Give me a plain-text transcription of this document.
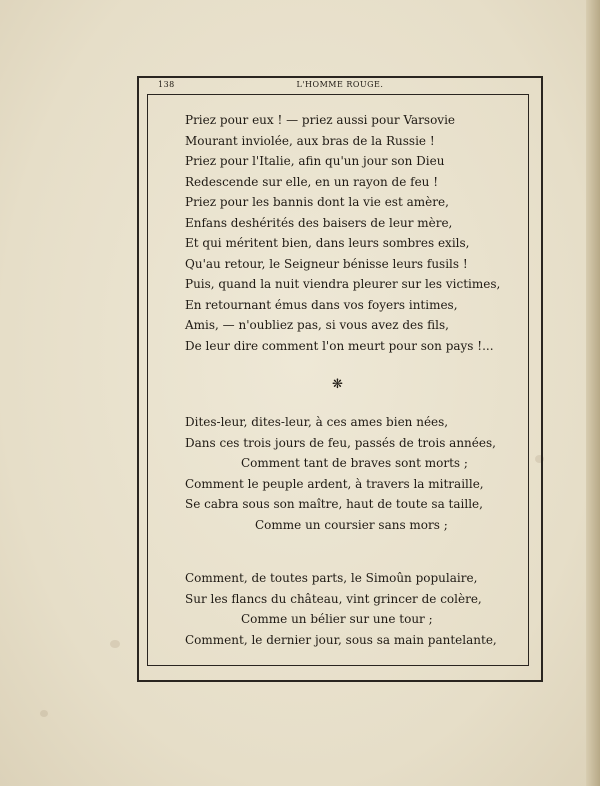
138	L'HOMME ROUGE.
Priez pour eux ! — priez aussi pour Varsovie
Mourant inviolée, aux bras de la Russie !
Priez pour l'Italie, afin qu'un jour son Dieu
Redescende sur elle, en un rayon de feu !
Priez pour les bannis dont la vie est amère,
Enfans deshérités des baisers de leur mère,
Et qui méritent bien, dans leurs sombres exils,
Qu'au retour, le Seigneur bénisse leurs fusils !
Puis, quand la nuit viendra pleurer sur les victimes,
En retournant émus dans vos foyers intimes,
Amis, — n'oubliez pas, si vous avez des fils,
De leur dire comment l'on meurt pour son pays !...
❋
Dites-leur, dites-leur, à ces ames bien nées,
Dans ces trois jours de feu, passés de trois années,
Comment tant de braves sont morts ;
Comment le peuple ardent, à travers la mitraille,
Se cabra sous son maître, haut de toute sa taille,
Comme un coursier sans mors ;
Comment, de toutes parts, le Simoûn populaire,
Sur les flancs du château, vint grincer de colère,
Comme un bélier sur une tour ;
Comment, le dernier jour, sous sa main pantelante,
